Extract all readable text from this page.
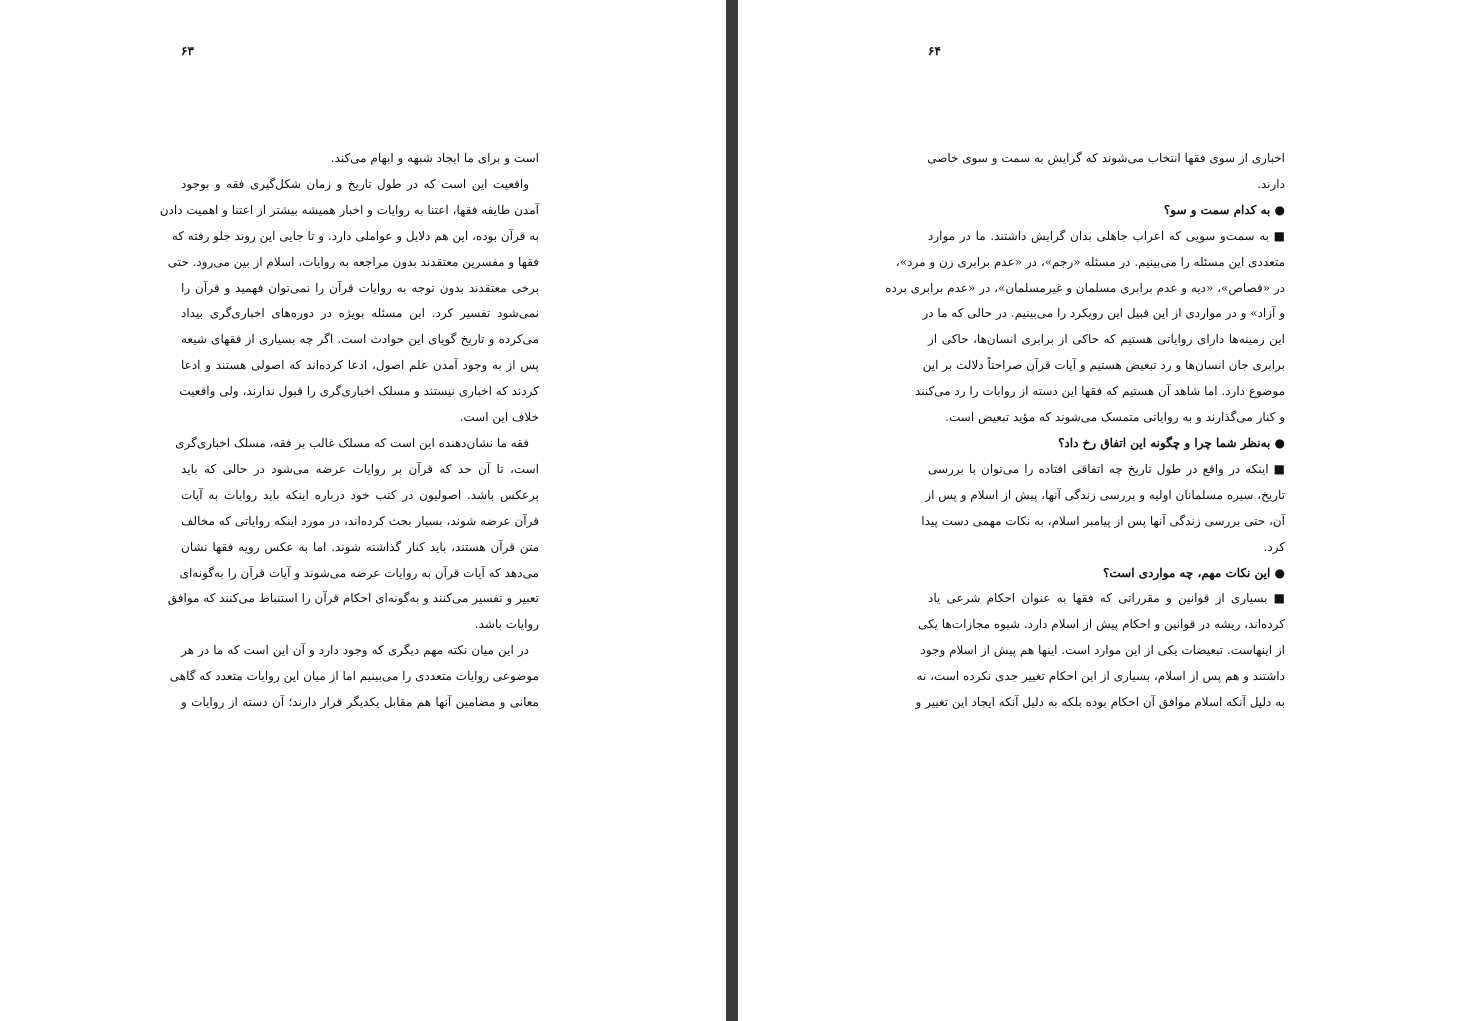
۶۳
است و برای ما ایجاد شبهه و ابهام می‌کند.
واقعیت این است که در طول تاریخ و زمان شکل‌گیری فقه و بوجود
آمدن طایفه فقها، اعتنا به روایات و اخبار همیشه بیشتر از اعتنا و اهمیت دادن
به قرآن بوده، این هم دلایل و عواملی دارد. و تا جایی این روند جلو رفته که
فقها و مفسرین معتقدند بدون مراجعه به روایات، اسلام از بین می‌رود. حتی
برخی معتقدند بدون توجه به روایات قرآن را نمی‌توان فهمید و قرآن را
نمی‌شود تفسیر کرد. این مسئله بویژه در دوره‌های اخباری‌گری بیداد
می‌کرده و تاریخ گویای این حوادث است. اگر چه بسیاری از فقهای شیعه
پس از به وجود آمدن علم اصول، ادعا کرده‌اند که اصولی هستند و ادعا
کردند که اخباری نیستند و مسلک اخباری‌گری را قبول ندارند، ولی واقعیت
خلاف این است.
فقه ما نشان‌دهنده این است که مسلک غالب بر فقه، مسلک اخباری‌گری
است، تا آن حد که قرآن بر روایات عرضه می‌شود در حالی که باید
برعکس باشد. اصولیون در کتب خود درباره اینکه باید روایات به آیات
قرآن عرضه شوند، بسیار بحث کرده‌اند، در مورد اینکه روایاتی که مخالف
متن قرآن هستند، باید کنار گذاشته شوند. اما به عکس رویه فقها نشان
می‌دهد که آیات قرآن به روایات عرضه می‌شوند و آیات قرآن را به‌گونه‌ای
تعبیر و تفسیر می‌کنند و به‌گونه‌ای احکام قرآن را استنباط می‌کنند که موافق
روایات باشد.
در این میان نکته مهم دیگری که وجود دارد و آن این است که ما در هر
موضوعی روایات متعددی را می‌بینیم اما از میان این روایات متعدد که گاهی
معانی و مضامین آنها هم مقابل یکدیگر قرار دارند؛ آن دسته از روایات و
۶۴
اخباری از سوی فقها انتخاب می‌شوند که گرایش به سمت و سوی خاصی
دارند.
● به کدام سمت و سو؟
■ به سمت‌و سویی که اعراب جاهلی بدان گرایش داشتند. ما در موارد
متعددی این مسئله را می‌بینیم. در مسئله «رجم»، در «عدم برابری زن و مرد»،
در «قصاص»، «دیه و عدم برابری مسلمان و غیرمسلمان»، در «عدم برابری برده
و آزاد» و در مواردی از این قبیل این رویکرد را می‌بینیم. در حالی که ما در
این زمینه‌ها دارای روایاتی هستیم که حاکی از برابری انسان‌ها، حاکی از
برابری جان انسان‌ها و رد تبعیض هستیم و آیات قرآن صراحتاً دلالت بر این
موضوع دارد. اما شاهد آن هستیم که فقها این دسته از روایات را رد می‌کنند
و کنار می‌گذارند و به روایاتی متمسک می‌شوند که مؤید تبعیض است.
● به‌نظر شما چرا و چگونه این اتفاق رخ داد؟
■ اینکه در واقع در طول تاریخ چه اتفاقی افتاده را می‌توان با بررسی
تاریخ، سیره مسلمانان اولیه و بررسی زندگی آنها، پیش از اسلام و پس از
آن، حتی بررسی زندگی آنها پس از پیامبر اسلام، به نکات مهمی دست پیدا
کرد.
● این نکات مهم، چه مواردی است؟
■ بسیاری از قوانین و مقرراتی که فقها به عنوان احکام شرعی یاد
کرده‌اند، ریشه در قوانین و احکام پیش از اسلام دارد. شیوه مجازات‌ها یکی
از اینهاست. تبعیضات یکی از این موارد است. اینها هم پیش از اسلام وجود
داشتند و هم پس از اسلام، بسیاری از این احکام تغییر جدی نکرده است، نه
به دلیل آنکه اسلام موافق آن احکام بوده بلکه به دلیل آنکه ایجاد این تغییر و
